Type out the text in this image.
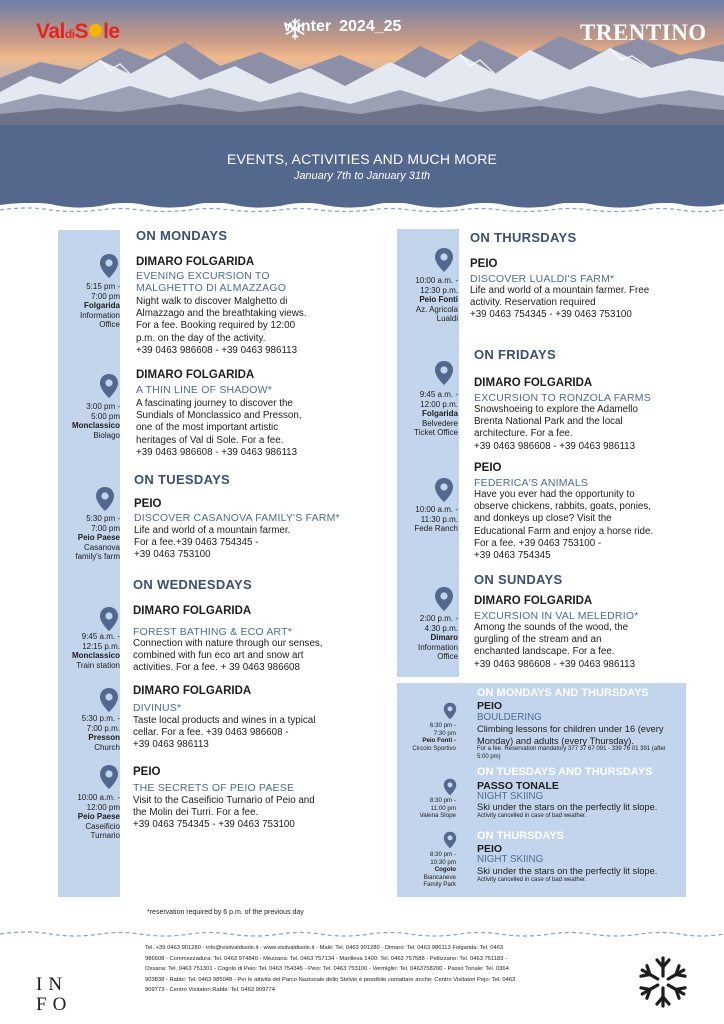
ValdiS le	winter 2024_25	TRENTINO
EVENTS, ACTIVITIES AND MUCH MORE
January 7th to January 31th
ON MONDAYS
5:15 pm -
7:00 pm
Folgarida
Information
Office
DIMARO FOLGARIDA
EVENING EXCURSION TO
MALGHETTO DI ALMAZZAGO
Night walk to discover Malghetto di
Almazzago and the breathtaking views.
For a fee. Booking required by 12:00
p.m. on the day of the activity.
+39 0463 986608 - +39 0463 986113
3:00 pm -
5:00 pm
Monclassico
Biolago
DIMARO FOLGARIDA
A THIN LINE OF SHADOW*
A fascinating journey to discover the
Sundials of Monclassico and Presson,
one of the most important artistic
heritages of Val di Sole. For a fee.
+39 0463 986608 - +39 0463 986113
ON TUESDAYS
5:30 pm -
7:00 pm
Peio Paese
Casanova
family's farm
PEIO
DISCOVER CASANOVA FAMILY'S FARM*
Life and world of a mountain farmer.
For a fee.+39 0463 754345 -
+39 0463 753100
ON WEDNESDAYS
9:45 a.m. -
12:15 p.m.
Monclassico
Train station
DIMARO FOLGARIDA
FOREST BATHING & ECO ART*
Connection with nature through our senses,
combined with fun eco art and snow art
activities. For a fee. + 39 0463 986608
5:30 p.m. -
7:00 p.m.
Presson
Church
DIMARO FOLGARIDA
DIVINUS*
Taste local products and wines in a typical
cellar. For a fee. +39 0463 986608 -
+39 0463 986113
10:00 a.m. -
12:00 pm
Peio Paese
Caseificio
Turnario
PEIO
THE SECRETS OF PEIO PAESE
Visit to the Caseificio Turnario of Peio and
the Molin dei Turri. For a fee.
+39 0463 754345 - +39 0463 753100
ON THURSDAYS
10:00 a.m. -
12:30 p.m.
Peio Fonti
Az. Agricola
Lualdi
PEIO
DISCOVER LUALDI'S FARM*
Life and world of a mountain farmer. Free
activity. Reservation required
+39 0463 754345 - +39 0463 753100
ON FRIDAYS
9:45 a.m. -
12:00 p.m.
Folgarida
Belvedere
Ticket Office
DIMARO FOLGARIDA
EXCURSION TO RONZOLA FARMS
Snowshoeing to explore the Adamello
Brenta National Park and the local
architecture. For a fee.
+39 0463 986608 - +39 0463 986113
10:00 a.m. -
11:30 p.m.
Fede Ranch
PEIO
FEDERICA'S ANIMALS
Have you ever had the opportunity to
observe chickens, rabbits, goats, ponies,
and donkeys up close? Visit the
Educational Farm and enjoy a horse ride.
For a fee. +39 0463 753100 -
+39 0463 754345
ON SUNDAYS
2:00 p.m. -
4:30 p.m.
Dimaro
Information
Office
DIMARO FOLGARIDA
EXCURSION IN VAL MELEDRIO*
Among the sounds of the wood, the
gurgling of the stream and an
enchanted landscape. For a fee.
+39 0463 986608 - +39 0463 986113
ON MONDAYS AND THURSDAYS
6:30 pm -
7:30 pm
Peio Fonti -
Circolo Sportivo
PEIO
BOULDERING
Climbing lessons for children under 16 (every
Monday) and adults (every Thursday).
For a fee. Reservation mandatory 377 37 67 091 - 339 76 01 391 (after
5:00 pm)
ON TUESDAYS AND THURSDAYS
8:30 pm -
11:00 pm
Valena Slope
PASSO TONALE
NIGHT SKIING
Ski under the stars on the perfectly lit slope.
Activity cancelled in case of bad weather.
ON THURSDAYS
8:30 pm -
10:30 pm
Cogolo
Biancaneve
Family Park
PEIO
NIGHT SKIING
Ski under the stars on the perfectly lit slope.
Activity cancelled in case of bad weather.
*reservation required by 6 p.m. of the previous day
IN
FO
Tel. +39 0463 901280 - info@visitvaldisole.it - www.visitvaldisole.it - Malè: Tel. 0463 901280 - Dimaro: Tel. 0463 986113 Folgarida: Tel. 0463
986608 - Commezzadura: Tel. 0463 974840 - Mezzana: Tel. 0463 757134 - Marilleva 1400: Tel. 0463 757588 - Pellizzano: Tel. 0463 751183 -
Ossana: Tel. 0463 751301 - Cogolo di Peio: Tel. 0463 754345 - Peio: Tel. 0463 753100 - Vermiglio: Tel. 0463758200 - Passo Tonale: Tel. 0364
903838 - Rabbi: Tel. 0463 985048 - Per le attività del Parco Nazionale dello Stelvio è possibile contattare anche: Centro Visitatori Pejo: Tel. 0463
909773 - Centro Visitatori Rabbi: Tel. 0463 909774
